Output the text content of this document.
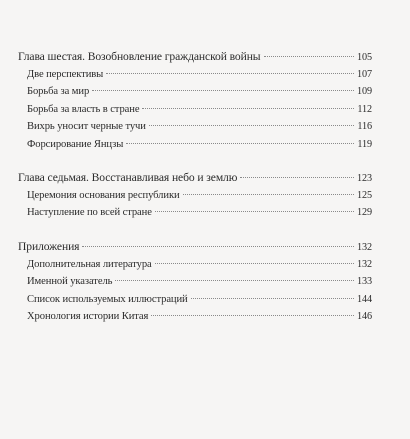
Глава шестая. Возобновление гражданской войны	105
Две перспективы	107
Борьба за мир	109
Борьба за власть в стране	112
Вихрь уносит черные тучи	116
Форсирование Янцзы	119
Глава седьмая. Восстанавливая небо и землю	123
Церемония основания республики	125
Наступление по всей стране	129
Приложения	132
Дополнительная литература	132
Именной указатель	133
Список используемых иллюстраций	144
Хронология истории Китая	146
